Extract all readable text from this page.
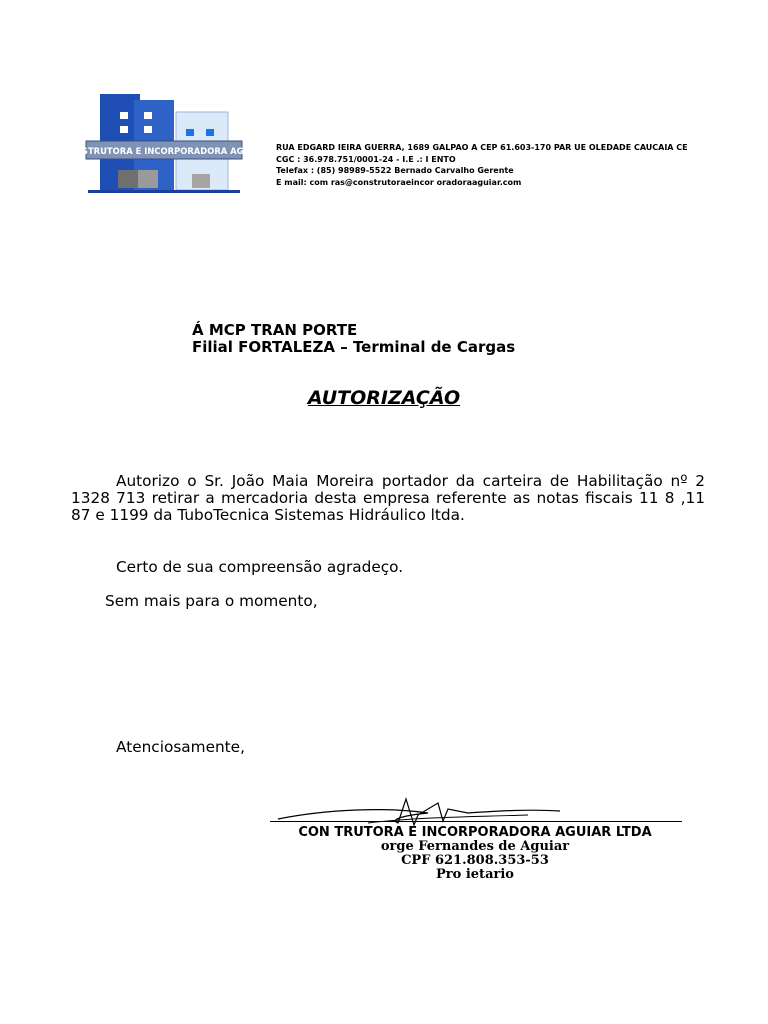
CONSTRUTORA E INCORPORADORA AGUIAR RUA EDGARD IEIRA GUERRA, 1689 GALPAO A CEP 61.603-170 PAR UE OLEDADE CAUCAIA CE
CGC : 36.978.751/0001-24 - I.E .: I ENTO
Telefax : (85) 98989-5522 Bernado Carvalho Gerente
E mail: com ras@construtoraeincor oradoraaguiar.com
Á MCP TRAN PORTE
Filial FORTALEZA – Terminal de Cargas
AUTORIZAÇÃO
Autorizo o Sr. João Maia Moreira portador da carteira de Habilitação nº 2 1328 713 retirar a mercadoria desta empresa referente as notas fiscais 11 8 ,11 87 e 1199 da TuboTecnica Sistemas Hidráulico ltda.
Certo de sua compreensão agradeço.
Sem mais para o momento,
Atenciosamente,
CON TRUTORA E INCORPORADORA AGUIAR LTDA
orge Fernandes de Aguiar
CPF 621.808.353-53
Pro ietario
